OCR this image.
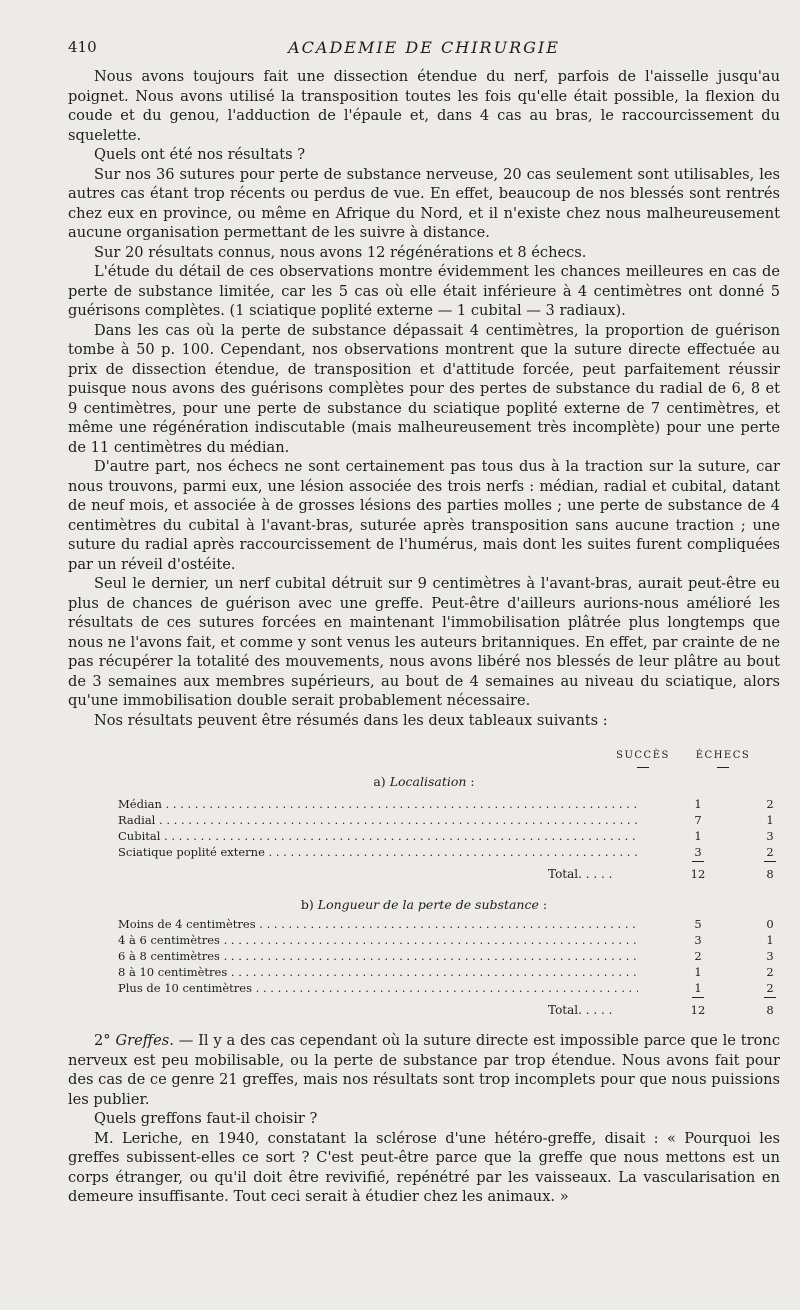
410	ACADEMIE DE CHIRURGIE

Nous avons toujours fait une dissection étendue du nerf, parfois de l'aisselle jusqu'au poignet. Nous avons utilisé la transposition toutes les fois qu'elle était possible, la flexion du coude et du genou, l'adduction de l'épaule et, dans 4 cas au bras, le raccourcissement du squelette.

Quels ont été nos résultats ?

Sur nos 36 sutures pour perte de substance nerveuse, 20 cas seulement sont utilisables, les autres cas étant trop récents ou perdus de vue. En effet, beaucoup de nos blessés sont rentrés chez eux en province, ou même en Afrique du Nord, et il n'existe chez nous malheureusement aucune organisation permettant de les suivre à distance.

Sur 20 résultats connus, nous avons 12 régénérations et 8 échecs.

L'étude du détail de ces observations montre évidemment les chances meilleures en cas de perte de substance limitée, car les 5 cas où elle était inférieure à 4 centimètres ont donné 5 guérisons complètes. (1 sciatique poplité externe — 1 cubital — 3 radiaux).

Dans les cas où la perte de substance dépassait 4 centimètres, la proportion de guérison tombe à 50 p. 100. Cependant, nos observations montrent que la suture directe effectuée au prix de dissection étendue, de transposition et d'attitude forcée, peut parfaitement réussir puisque nous avons des guérisons complètes pour des pertes de substance du radial de 6, 8 et 9 centimètres, pour une perte de substance du sciatique poplité externe de 7 centimètres, et même une régénération indiscutable (mais malheureusement très incomplète) pour une perte de 11 centimètres du médian.

D'autre part, nos échecs ne sont certainement pas tous dus à la traction sur la suture, car nous trouvons, parmi eux, une lésion associée des trois nerfs : médian, radial et cubital, datant de neuf mois, et associée à de grosses lésions des parties molles ; une perte de substance de 4 centimètres du cubital à l'avant-bras, suturée après transposition sans aucune traction ; une suture du radial après raccourcissement de l'humérus, mais dont les suites furent compliquées par un réveil d'ostéite.

Seul le dernier, un nerf cubital détruit sur 9 centimètres à l'avant-bras, aurait peut-être eu plus de chances de guérison avec une greffe. Peut-être d'ailleurs aurions-nous amélioré les résultats de ces sutures forcées en maintenant l'immobilisation plâtrée plus longtemps que nous ne l'avons fait, et comme y sont venus les auteurs britanniques. En effet, par crainte de ne pas récupérer la totalité des mouvements, nous avons libéré nos blessés de leur plâtre au bout de 3 semaines aux membres supérieurs, au bout de 4 semaines au niveau du sciatique, alors qu'une immobilisation double serait probablement nécessaire.

Nos résultats peuvent être résumés dans les deux tableaux suivants :

SUCCÈS	ÉCHECS
a) Localisation :
Médian . . .	1	2
Radial . . .	7	1
Cubital . . .	1	3
Sciatique poplité externe . . .	3	2
Total. . . . .	12	8
b) Longueur de la perte de substance :
Moins de 4 centimètres . . .	5	0
4 à 6 centimètres . . .	3	1
6 à 8 centimètres . . .	2	3
8 à 10 centimètres . . .	1	2
Plus de 10 centimètres . . .	1	2
Total. . . . .	12	8

2° Greffes. — Il y a des cas cependant où la suture directe est impossible parce que le tronc nerveux est peu mobilisable, ou la perte de substance par trop étendue. Nous avons fait pour des cas de ce genre 21 greffes, mais nos résultats sont trop incomplets pour que nous puissions les publier.

Quels greffons faut-il choisir ?

M. Leriche, en 1940, constatant la sclérose d'une hétéro-greffe, disait : « Pourquoi les greffes subissent-elles ce sort ? C'est peut-être parce que la greffe que nous mettons est un corps étranger, ou qu'il doit être revivifié, repénétré par les vaisseaux. La vascularisation en demeure insuffisante. Tout ceci serait à étudier chez les animaux. »
